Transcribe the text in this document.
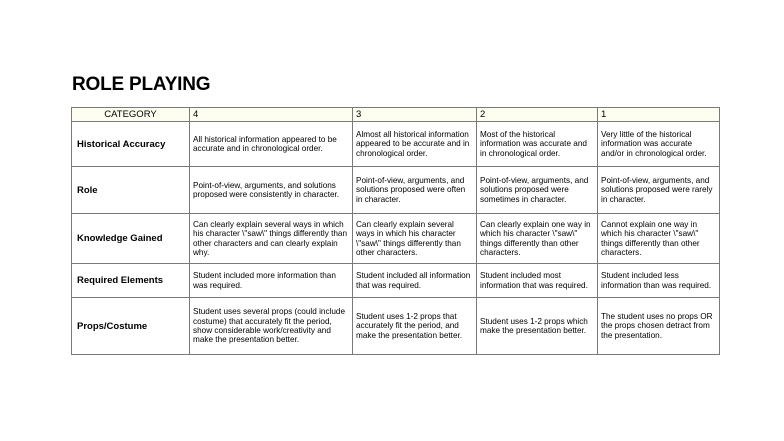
ROLE PLAYING
CATEGORY	4	3	2	1
Historical Accuracy	All historical information appeared to be accurate and in chronological order.	Almost all historical information appeared to be accurate and in chronological order.	Most of the historical information was accurate and in chronological order.	Very little of the historical information was accurate and/or in chronological order.
Role	Point-of-view, arguments, and solutions proposed were consistently in character.	Point-of-view, arguments, and solutions proposed were often in character.	Point-of-view, arguments, and solutions proposed were sometimes in character.	Point-of-view, arguments, and solutions proposed were rarely in character.
Knowledge Gained	Can clearly explain several ways in which his character \"saw\" things differently than other characters and can clearly explain why.	Can clearly explain several ways in which his character \"saw\" things differently than other characters.	Can clearly explain one way in which his character \"saw\" things differently than other characters.	Cannot explain one way in which his character \"saw\" things differently than other characters.
Required Elements	Student included more information than was required.	Student included all information that was required.	Student included most information that was required.	Student included less information than was required.
Props/Costume	Student uses several props (could include costume) that accurately fit the period, show considerable work/creativity and make the presentation better.	Student uses 1-2 props that accurately fit the period, and make the presentation better.	Student uses 1-2 props which make the presentation better.	The student uses no props OR the props chosen detract from the presentation.
